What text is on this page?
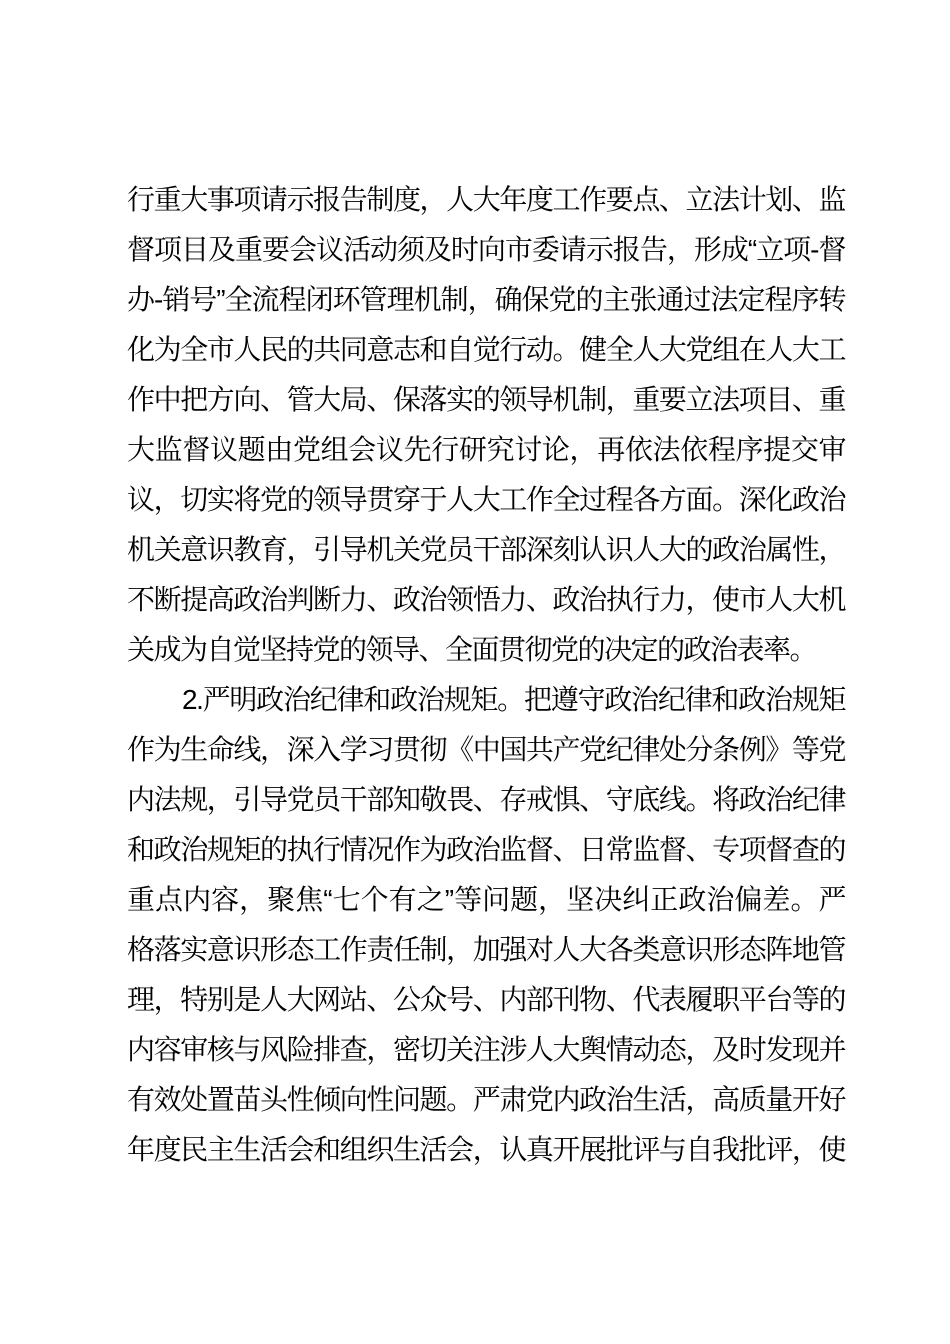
行重大事项请示报告制度，人大年度工作要点、立法计划、监
督项目及重要会议活动须及时向市委请示报告，形成“立项-督
办-销号”全流程闭环管理机制，确保党的主张通过法定程序转
化为全市人民的共同意志和自觉行动。健全人大党组在人大工
作中把方向、管大局、保落实的领导机制，重要立法项目、重
大监督议题由党组会议先行研究讨论，再依法依程序提交审
议，切实将党的领导贯穿于人大工作全过程各方面。深化政治
机关意识教育，引导机关党员干部深刻认识人大的政治属性，
不断提高政治判断力、政治领悟力、政治执行力，使市人大机
关成为自觉坚持党的领导、全面贯彻党的决定的政治表率。
2.严明政治纪律和政治规矩。把遵守政治纪律和政治规矩
作为生命线，深入学习贯彻《中国共产党纪律处分条例》等党
内法规，引导党员干部知敬畏、存戒惧、守底线。将政治纪律
和政治规矩的执行情况作为政治监督、日常监督、专项督查的
重点内容，聚焦“七个有之”等问题，坚决纠正政治偏差。严
格落实意识形态工作责任制，加强对人大各类意识形态阵地管
理，特别是人大网站、公众号、内部刊物、代表履职平台等的
内容审核与风险排查，密切关注涉人大舆情动态，及时发现并
有效处置苗头性倾向性问题。严肃党内政治生活，高质量开好
年度民主生活会和组织生活会，认真开展批评与自我批评，使
